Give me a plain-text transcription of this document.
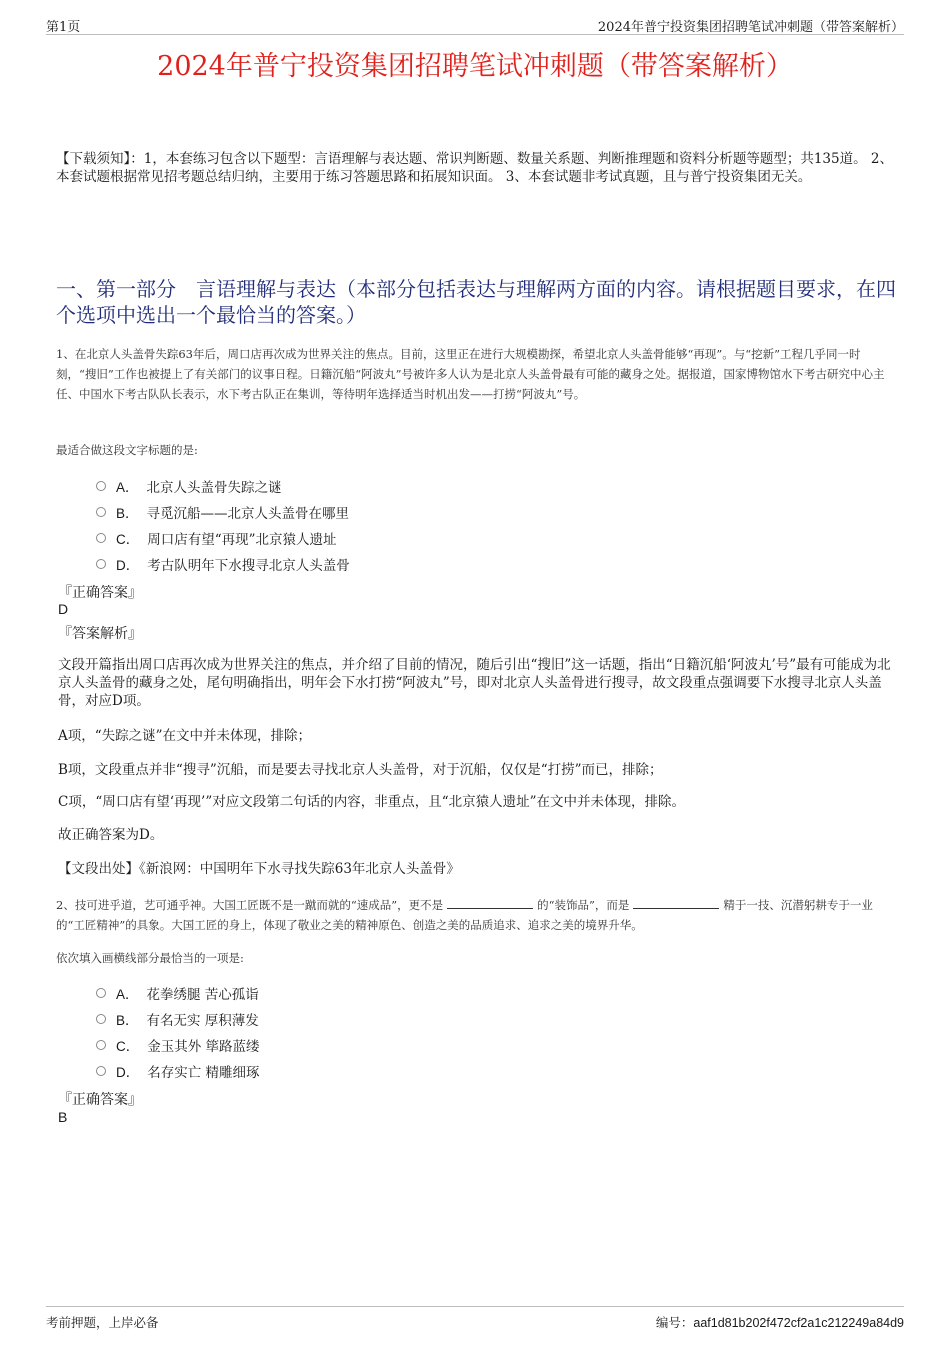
第1页	2024年普宁投资集团招聘笔试冲刺题（带答案解析）
2024年普宁投资集团招聘笔试冲刺题（带答案解析）
【下载须知】：1，本套练习包含以下题型：言语理解与表达题、常识判断题、数量关系题、判断推理题和资料分析题等题型；共135道。 2、本套试题根据常见招考题总结归纳，主要用于练习答题思路和拓展知识面。 3、本套试题非考试真题，且与普宁投资集团无关。
一、第一部分　言语理解与表达（本部分包括表达与理解两方面的内容。请根据题目要求，在四个选项中选出一个最恰当的答案。）
1、在北京人头盖骨失踪63年后，周口店再次成为世界关注的焦点。目前，这里正在进行大规模勘探，希望北京人头盖骨能够“再现”。与“挖新”工程几乎同一时刻，“搜旧”工作也被提上了有关部门的议事日程。日籍沉船“阿波丸”号被许多人认为是北京人头盖骨最有可能的藏身之处。据报道，国家博物馆水下考古研究中心主任、中国水下考古队队长表示，水下考古队正在集训，等待明年选择适当时机出发——打捞“阿波丸”号。
最适合做这段文字标题的是:
A． 北京人头盖骨失踪之谜
B． 寻觅沉船——北京人头盖骨在哪里
C． 周口店有望“再现”北京猿人遗址
D． 考古队明年下水搜寻北京人头盖骨
『正确答案』
D
『答案解析』
文段开篇指出周口店再次成为世界关注的焦点，并介绍了目前的情况，随后引出“搜旧”这一话题，指出“日籍沉船‘阿波丸’号”最有可能成为北京人头盖骨的藏身之处，尾句明确指出，明年会下水打捞“阿波丸”号，即对北京人头盖骨进行搜寻，故文段重点强调要下水搜寻北京人头盖骨，对应D项。
A项，“失踪之谜”在文中并未体现，排除；
B项，文段重点并非“搜寻”沉船，而是要去寻找北京人头盖骨，对于沉船，仅仅是“打捞”而已，排除；
C项，“周口店有望‘再现’”对应文段第二句话的内容，非重点，且“北京猿人遗址”在文中并未体现，排除。
故正确答案为D。
【文段出处】《新浪网：中国明年下水寻找失踪63年北京人头盖骨》
2、技可进乎道，艺可通乎神。大国工匠既不是一蹴而就的“速成品”，更不是	的“装饰品”，而是	精于一技、沉潜躬耕专于一业的“工匠精神”的具象。大国工匠的身上，体现了敬业之美的精神原色、创造之美的品质追求、追求之美的境界升华。
依次填入画横线部分最恰当的一项是:
A． 花拳绣腿 苦心孤诣
B． 有名无实 厚积薄发
C． 金玉其外 筚路蓝缕
D． 名存实亡 精雕细琢
『正确答案』
B
考前押题，上岸必备	编号：aaf1d81b202f472cf2a1c212249a84d9
